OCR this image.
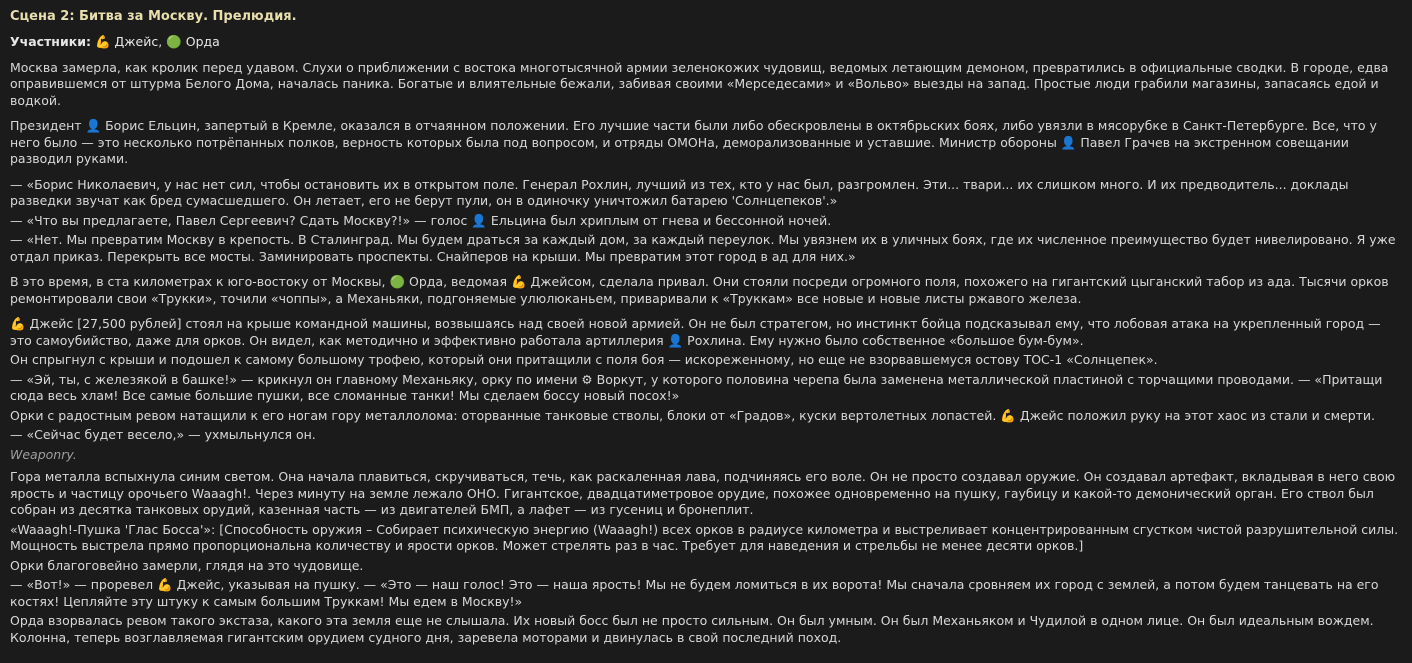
Сцена 2: Битва за Москву. Прелюдия.
Участники: 💪 Джейс, 🟢 Орда

Москва замерла, как кролик перед удавом. Слухи о приближении с востока многотысячной армии зеленокожих чудовищ, ведомых летающим демоном, превратились в официальные сводки. В городе, едва оправившемся от штурма Белого Дома, началась паника. Богатые и влиятельные бежали, забивая своими «Мерседесами» и «Вольво» выезды на запад. Простые люди грабили магазины, запасаясь едой и водкой.

Президент 👤 Борис Ельцин, запертый в Кремле, оказался в отчаянном положении. Его лучшие части были либо обескровлены в октябрьских боях, либо увязли в мясорубке в Санкт-Петербурге. Все, что у него было — это несколько потрёпанных полков, верность которых была под вопросом, и отряды ОМОНа, деморализованные и уставшие. Министр обороны 👤 Павел Грачев на экстренном совещании разводил руками.

— «Борис Николаевич, у нас нет сил, чтобы остановить их в открытом поле. Генерал Рохлин, лучший из тех, кто у нас был, разгромлен. Эти... твари... их слишком много. И их предводитель... доклады разведки звучат как бред сумасшедшего. Он летает, его не берут пули, он в одиночку уничтожил батарею 'Солнцепеков'.»

— «Что вы предлагаете, Павел Сергеевич? Сдать Москву?!» — голос 👤 Ельцина был хриплым от гнева и бессонной ночей.

— «Нет. Мы превратим Москву в крепость. В Сталинград. Мы будем драться за каждый дом, за каждый переулок. Мы увязнем их в уличных боях, где их численное преимущество будет нивелировано. Я уже отдал приказ. Перекрыть все мосты. Заминировать проспекты. Снайперов на крыши. Мы превратим этот город в ад для них.»

В это время, в ста километрах к юго-востоку от Москвы, 🟢 Орда, ведомая 💪 Джейсом, сделала привал. Они стояли посреди огромного поля, похожего на гигантский цыганский табор из ада. Тысячи орков ремонтировали свои «Трукки», точили «чоппы», а Механьяки, подгоняемые улюлюканьем, приваривали к «Труккам» все новые и новые листы ржавого железа.

💪 Джейс [27,500 рублей] стоял на крыше командной машины, возвышаясь над своей новой армией. Он не был стратегом, но инстинкт бойца подсказывал ему, что лобовая атака на укрепленный город — это самоубийство, даже для орков. Он видел, как методично и эффективно работала артиллерия 👤 Рохлина. Ему нужно было собственное «большое бум-бум».

Он спрыгнул с крыши и подошел к самому большому трофею, который они притащили с поля боя — искореженному, но еще не взорвавшемуся остову ТОС-1 «Солнцепек».

— «Эй, ты, с железякой в башке!» — крикнул он главному Механьяку, орку по имени ⚙ Воркут, у которого половина черепа была заменена металлической пластиной с торчащими проводами. — «Притащи сюда весь хлам! Все самые большие пушки, все сломанные танки! Мы сделаем боссу новый посох!»

Орки с радостным ревом натащили к его ногам гору металлолома: оторванные танковые стволы, блоки от «Градов», куски вертолетных лопастей. 💪 Джейс положил руку на этот хаос из стали и смерти.

— «Сейчас будет весело,» — ухмыльнулся он.

Weaponry.

Гора металла вспыхнула синим светом. Она начала плавиться, скручиваться, течь, как раскаленная лава, подчиняясь его воле. Он не просто создавал оружие. Он создавал артефакт, вкладывая в него свою ярость и частицу орочьего Waaagh!. Через минуту на земле лежало ОНО. Гигантское, двадцатиметровое орудие, похожее одновременно на пушку, гаубицу и какой-то демонический орган. Его ствол был собран из десятка танковых орудий, казенная часть — из двигателей БМП, а лафет — из гусениц и бронеплит.

«Waaagh!-Пушка 'Глас Босса'»: [Способность оружия – Собирает психическую энергию (Waaagh!) всех орков в радиусе километра и выстреливает концентрированным сгустком чистой разрушительной силы. Мощность выстрела прямо пропорциональна количеству и ярости орков. Может стрелять раз в час. Требует для наведения и стрельбы не менее десяти орков.]

Орки благоговейно замерли, глядя на это чудовище.

— «Вот!» — проревел 💪 Джейс, указывая на пушку. — «Это — наш голос! Это — наша ярость! Мы не будем ломиться в их ворота! Мы сначала сровняем их город с землей, а потом будем танцевать на его костях! Цепляйте эту штуку к самым большим Труккам! Мы едем в Москву!»

Орда взорвалась ревом такого экстаза, какого эта земля еще не слышала. Их новый босс был не просто сильным. Он был умным. Он был Механьяком и Чудилой в одном лице. Он был идеальным вождем. Колонна, теперь возглавляемая гигантским орудием судного дня, заревела моторами и двинулась в свой последний поход.
